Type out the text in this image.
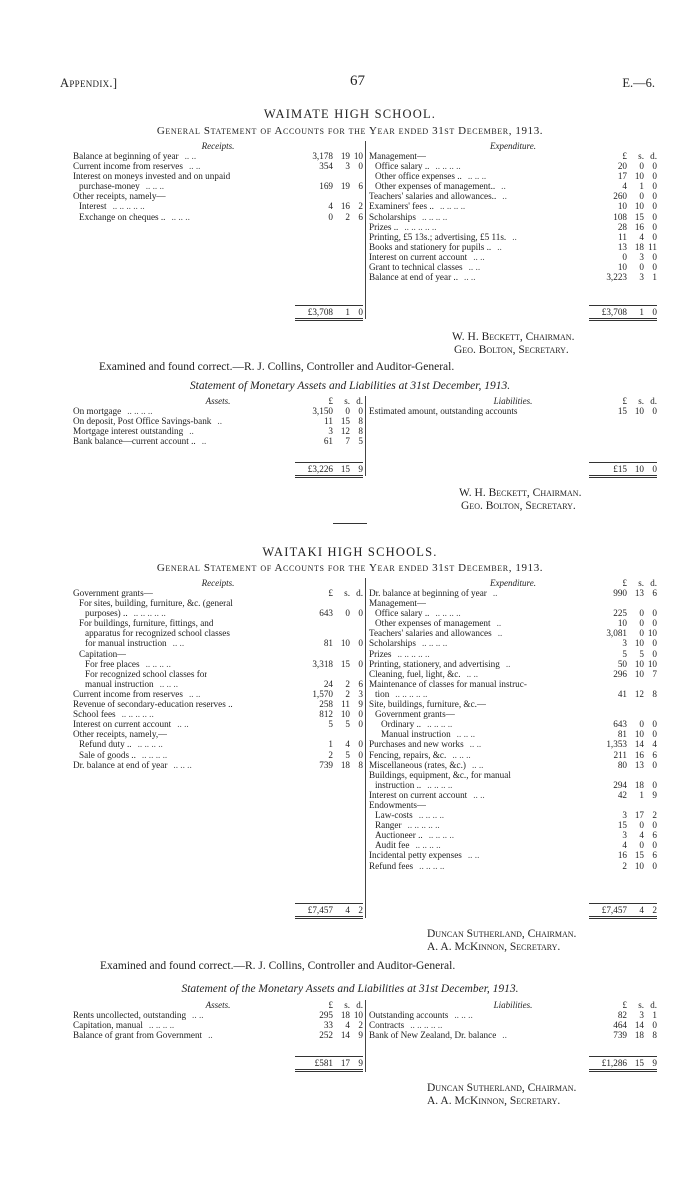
Appendix.]	67	E.—6.
WAIMATE HIGH SCHOOL.
General Statement of Accounts for the Year ended 31st December, 1913.
Receipts.
Balance at beginning of year .. ..	3,178 19 10
Current income from reserves .. ..	354	3 0
Interest on moneys invested and on unpaid
purchase-money .. .. ..	169 19 6
Other receipts, namely—
Interest .. .. .. .. ..	4 16 2
Exchange on cheques .. .. .. ..	0	2 6
£3,708	1 0
Expenditure.
£	s. d.
Management—
Office salary .. .. .. .. ..	20	0 0
Other office expenses .. .. .. ..	17 10 0
Other expenses of management.. ..	4	1 0
Teachers' salaries and allowances.. ..	260	0 0
Examiners' fees .. .. .. .. ..	10 10 0
Scholarships .. .. .. ..	108 15 0
Prizes .. .. .. .. .. ..	28 16 0
Printing, £5 13s.; advertising, £5 11s. ..	11	4 0
Books and stationery for pupils .. ..	13 18 11
Interest on current account .. ..	0	3 0
Grant to technical classes .. ..	10	0 0
Balance at end of year .. .. ..	3,223	3 1
£3,708	1 0
W. H. Beckett, Chairman.
Geo. Bolton, Secretary.
Examined and found correct.—R. J. Collins, Controller and Auditor-General.
Statement of Monetary Assets and Liabilities at 31st December, 1913.
Assets.	£	s. d.
On mortgage .. .. .. ..	3,150	0 0
On deposit, Post Office Savings-bank ..	11 15 8
Mortgage interest outstanding ..	3 12 8
Bank balance—current account .. ..	61	7 5
£3,226 15 9
Liabilities.	£	s. d.
Estimated amount, outstanding accounts	15 10 0
£15 10 0
W. H. Beckett, Chairman.
Geo. Bolton, Secretary.
WAITAKI HIGH SCHOOLS.
General Statement of Accounts for the Year ended 31st December, 1913.
Receipts.
Government grants—	£	s. d.
For sites, building, furniture, &c. (general
purposes) .. .. .. .. .. ..	643	0 0
For buildings, furniture, fittings, and
apparatus for recognized school classes
for manual instruction .. ..	81 10 0
Capitation—
For free places .. .. .. ..	3,318 15 0
For recognized school classes for
manual instruction .. .. ..	24	2 6
Current income from reserves .. ..	1,570	2 3
Revenue of secondary-education reserves ..	258 11 9
School fees .. .. .. .. ..	812 10 0
Interest on current account .. ..	5	5 0
Other receipts, namely,—
Refund duty .. .. .. .. ..	1	4 0
Sale of goods .. .. .. .. ..	2	5 0
Dr. balance at end of year .. .. ..	739 18 8
£7,457	4 2
Expenditure.	£	s. d.
Dr. balance at beginning of year ..	990 13 6
Management—
Office salary .. .. .. .. ..	225	0 0
Other expenses of management ..	10	0 0
Teachers' salaries and allowances ..	3,081	0 10
Scholarships .. .. .. ..	3 10 0
Prizes .. .. .. .. ..	5	5 0
Printing, stationery, and advertising ..	50 10 10
Cleaning, fuel, light, &c. .. ..	296 10 7
Maintenance of classes for manual instruc-
tion .. .. .. .. ..	41 12 8
Site, buildings, furniture, &c.—
Government grants—
Ordinary .. .. .. .. ..	643	0 0
Manual instruction .. .. ..	81 10 0
Purchases and new works .. ..	1,353 14 4
Fencing, repairs, &c. .. .. ..	211 16 6
Miscellaneous (rates, &c.) .. ..	80 13 0
Buildings, equipment, &c., for manual
instruction .. .. .. .. ..	294 18 0
Interest on current account .. ..	42	1 9
Endowments—
Law-costs .. .. .. ..	3 17 2
Ranger .. .. .. .. ..	15	0 0
Auctioneer .. .. .. .. ..	3	4 6
Audit fee .. .. .. ..	4	0 0
Incidental petty expenses .. ..	16 15 6
Refund fees .. .. .. ..	2 10 0
£7,457	4 2
Duncan Sutherland, Chairman.
A. A. McKinnon, Secretary.
Examined and found correct.—R. J. Collins, Controller and Auditor-General.
Statement of the Monetary Assets and Liabilities at 31st December, 1913.
Assets.	£	s. d.
Rents uncollected, outstanding .. ..	295 18 10
Capitation, manual .. .. .. ..	33	4 2
Balance of grant from Government ..	252 14 9
£581 17 9
Liabilities.	£	s. d.
Outstanding accounts .. .. ..	82	3 1
Contracts .. .. .. .. ..	464 14 0
Bank of New Zealand, Dr. balance ..	739 18 8
£1,286 15 9
Duncan Sutherland, Chairman.
A. A. McKinnon, Secretary.
